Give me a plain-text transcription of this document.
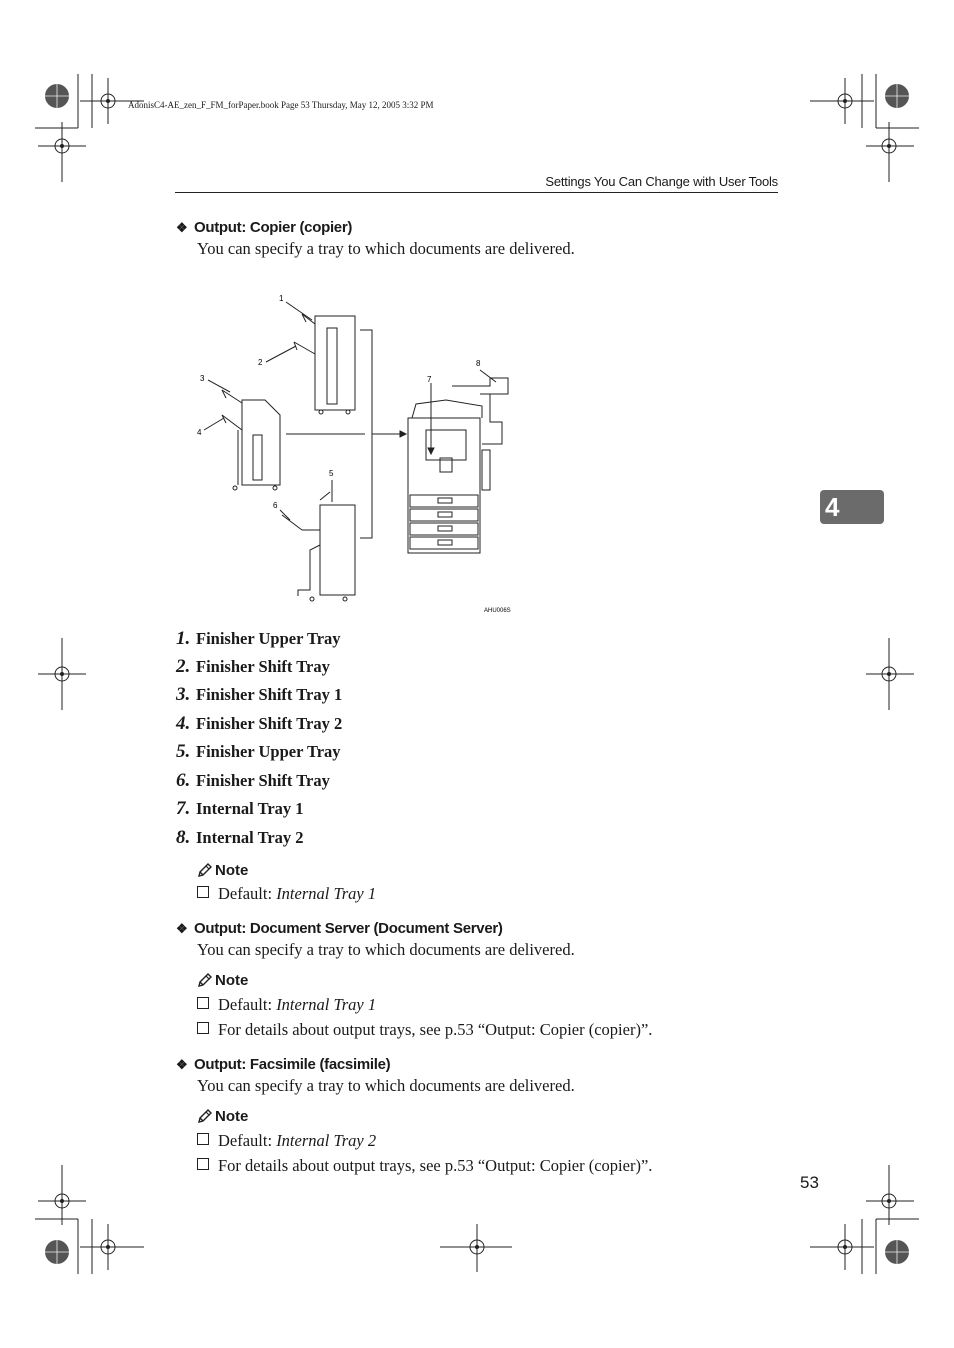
AdonisC4-AE_zen_F_FM_forPaper.book Page 53 Thursday, May 12, 2005 3:32 PM
Settings You Can Change with User Tools
4
❖ Output: Copier (copier)
You can specify a tray to which documents are delivered.
1
2
3
4
5
6
7
8
AHU006S
1. Finisher Upper Tray
2. Finisher Shift Tray
3. Finisher Shift Tray 1
4. Finisher Shift Tray 2
5. Finisher Upper Tray
6. Finisher Shift Tray
7. Internal Tray 1
8. Internal Tray 2
Note
Default: Internal Tray 1
❖ Output: Document Server (Document Server)
You can specify a tray to which documents are delivered.
Note
Default: Internal Tray 1
For details about output trays, see p.53 “Output: Copier (copier)”.
❖ Output: Facsimile (facsimile)
You can specify a tray to which documents are delivered.
Note
Default: Internal Tray 2
For details about output trays, see p.53 “Output: Copier (copier)”.
53
